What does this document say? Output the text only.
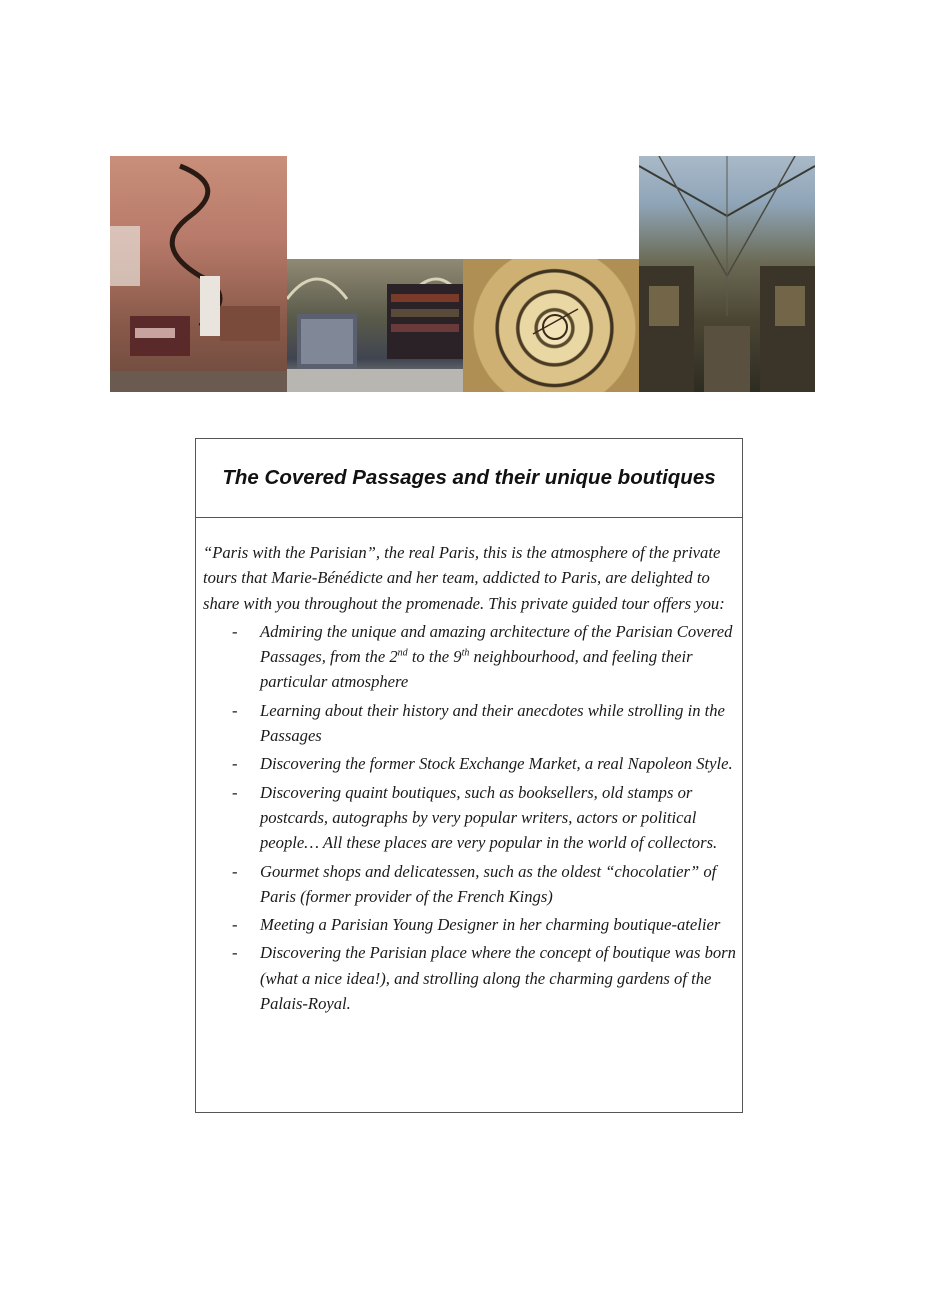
The Covered Passages and their unique boutiques

“Paris with the Parisian”, the real Paris, this is the atmosphere of the private tours that Marie-Bénédicte and her team, addicted to Paris, are delighted to share with you throughout the promenade. This private guided tour offers you:

- Admiring the unique and amazing architecture of the Parisian Covered Passages, from the 2nd to the 9th neighbourhood, and feeling their particular atmosphere
- Learning about their history and their anecdotes while strolling in the Passages
- Discovering the former Stock Exchange Market, a real Napoleon Style.
- Discovering quaint boutiques, such as booksellers, old stamps or postcards, autographs by very popular writers, actors or political people… All these places are very popular in the world of collectors.
- Gourmet shops and delicatessen, such as the oldest “chocolatier” of Paris (former provider of the French Kings)
- Meeting a Parisian Young Designer in her charming boutique-atelier
- Discovering the Parisian place where the concept of boutique was born (what a nice idea!), and strolling along the charming gardens of the Palais-Royal.
